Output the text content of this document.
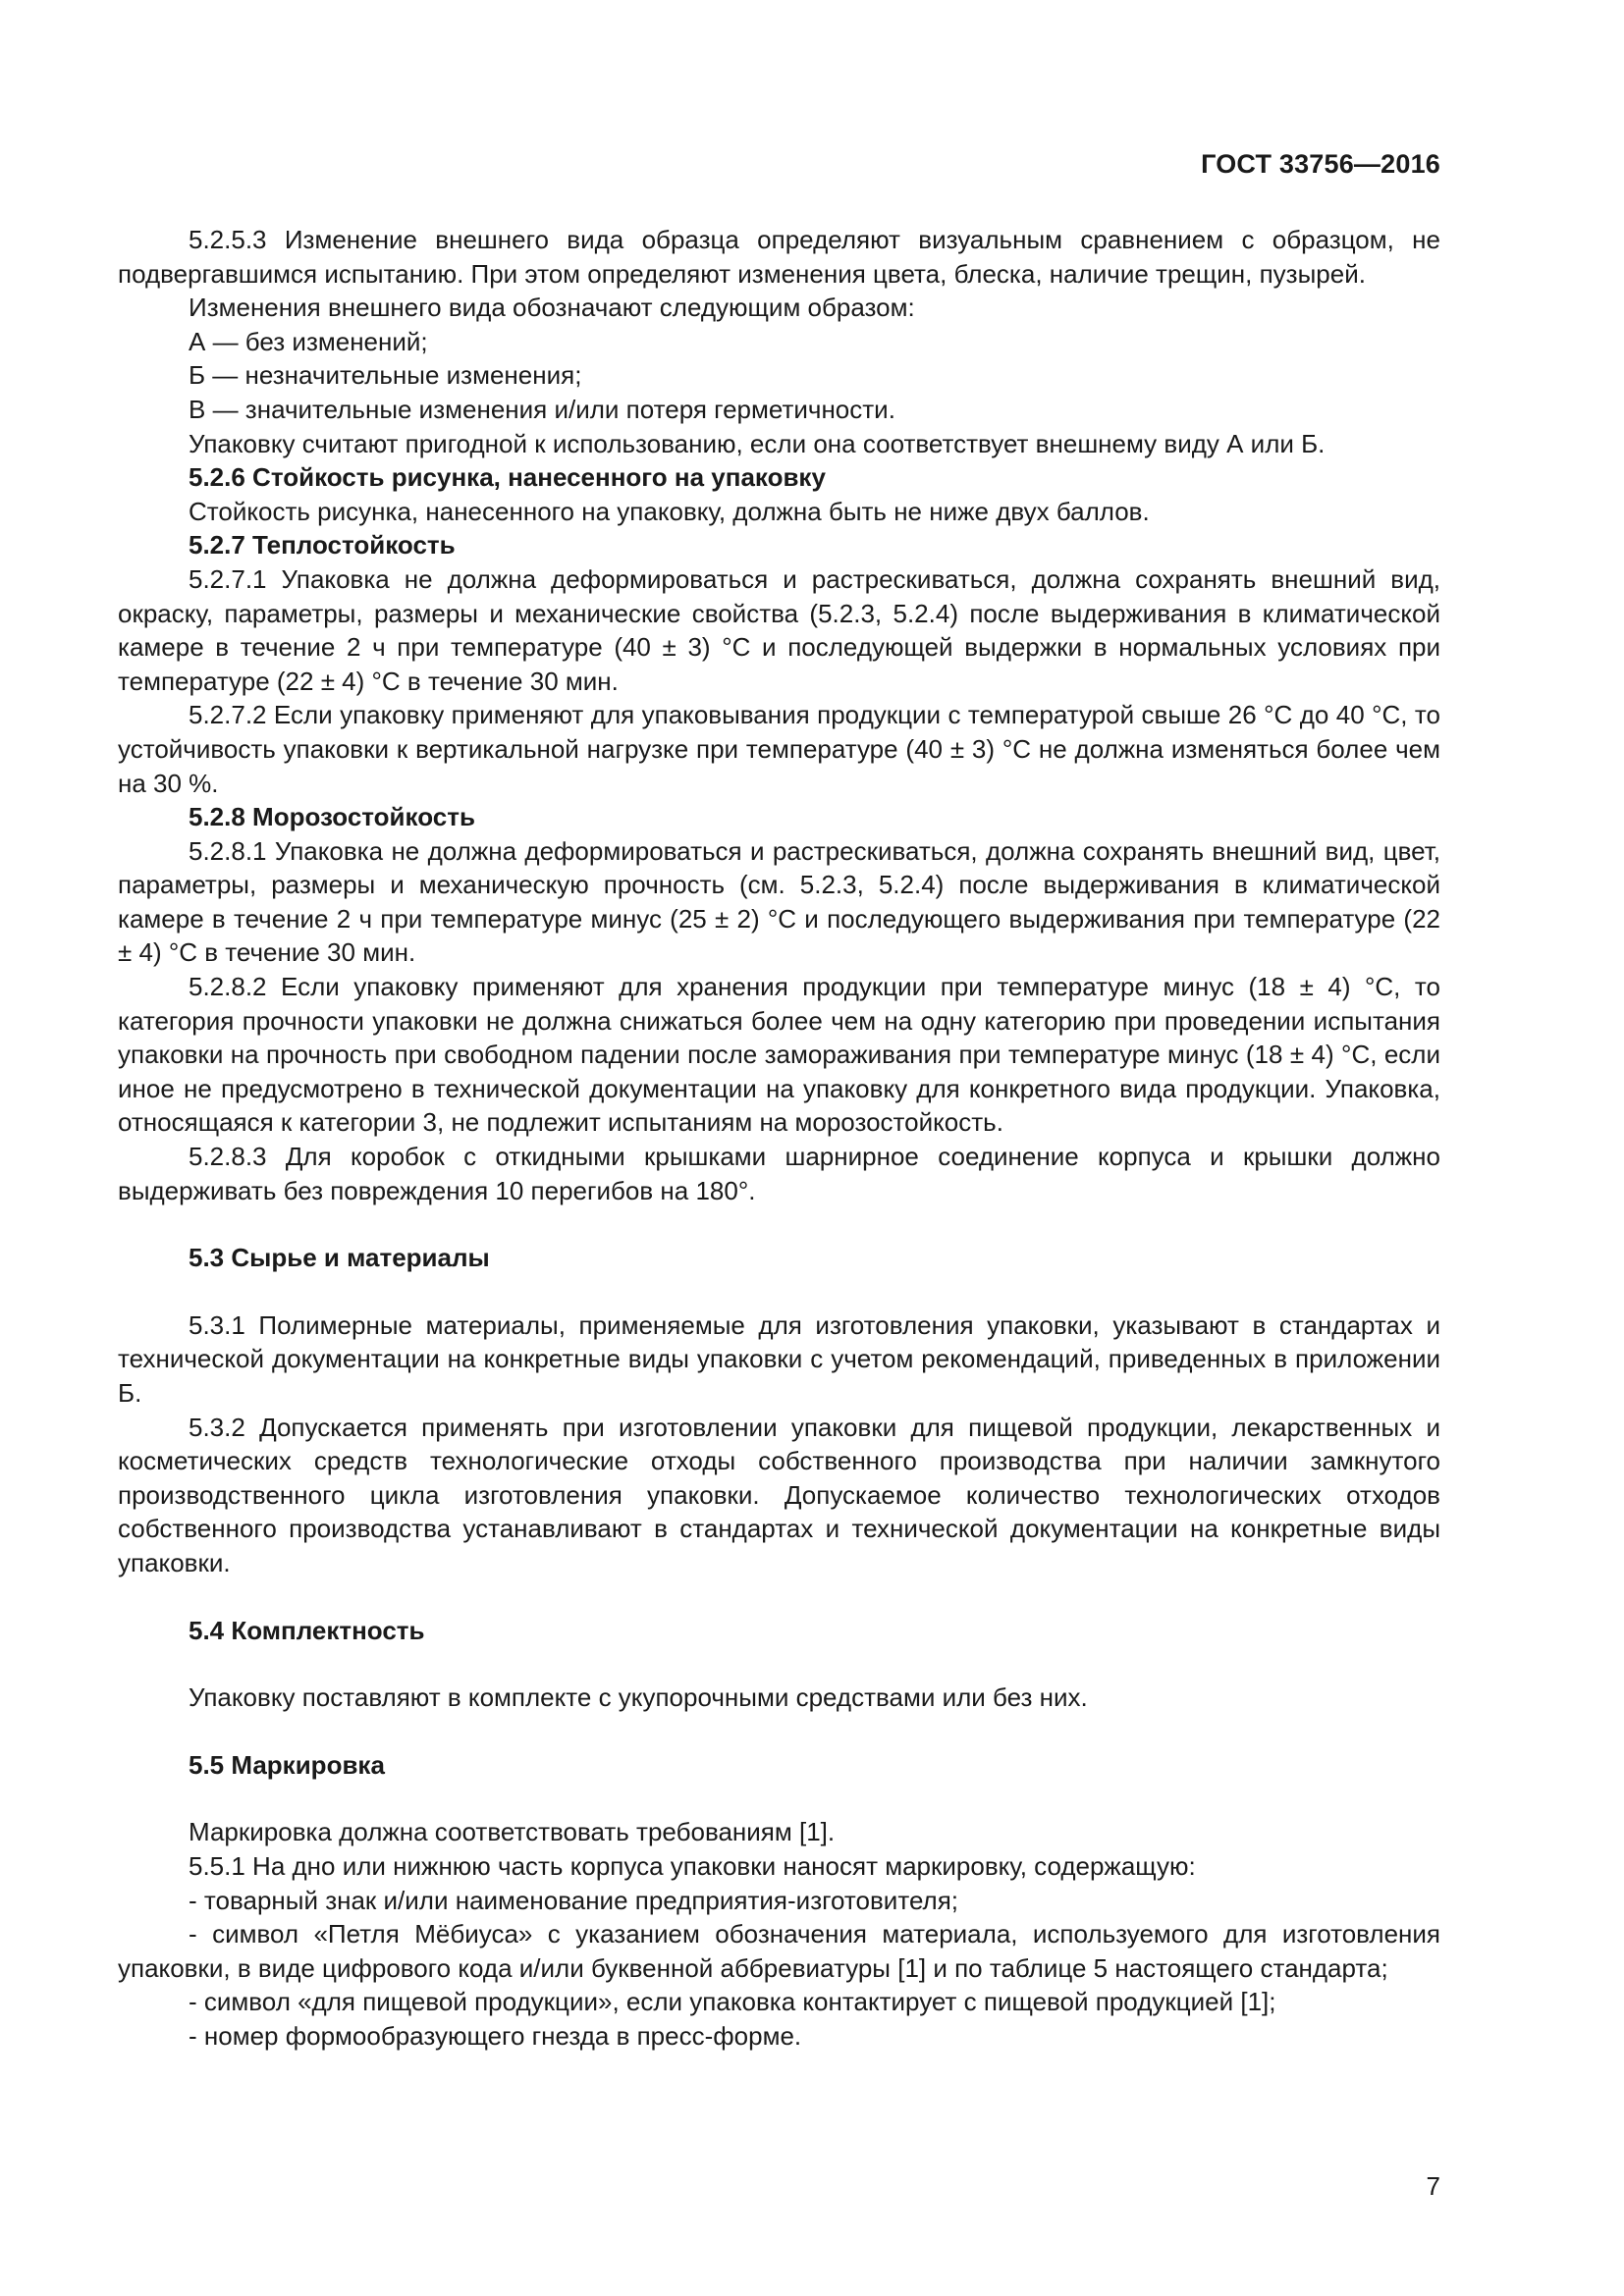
ГОСТ 33756—2016

5.2.5.3 Изменение внешнего вида образца определяют визуальным сравнением с образцом, не подвергавшимся испытанию. При этом определяют изменения цвета, блеска, наличие трещин, пузырей.

Изменения внешнего вида обозначают следующим образом:

А — без изменений;

Б — незначительные изменения;

В — значительные изменения и/или потеря герметичности.

Упаковку считают пригодной к использованию, если она соответствует внешнему виду А или Б.

5.2.6 Стойкость рисунка, нанесенного на упаковку

Стойкость рисунка, нанесенного на упаковку, должна быть не ниже двух баллов.

5.2.7 Теплостойкость

5.2.7.1 Упаковка не должна деформироваться и растрескиваться, должна сохранять внешний вид, окраску, параметры, размеры и механические свойства (5.2.3, 5.2.4) после выдерживания в климатической камере в течение 2 ч при температуре (40 ± 3) °С и последующей выдержки в нормальных условиях при температуре (22 ± 4) °С в течение 30 мин.

5.2.7.2 Если упаковку применяют для упаковывания продукции с температурой свыше 26 °С до 40 °С, то устойчивость упаковки к вертикальной нагрузке при температуре (40 ± 3) °С не должна изменяться более чем на 30 %.

5.2.8 Морозостойкость

5.2.8.1 Упаковка не должна деформироваться и растрескиваться, должна сохранять внешний вид, цвет, параметры, размеры и механическую прочность (см. 5.2.3, 5.2.4) после выдерживания в климатической камере в течение 2 ч при температуре минус (25 ± 2) °С и последующего выдерживания при температуре (22 ± 4) °С в течение 30 мин.

5.2.8.2 Если упаковку применяют для хранения продукции при температуре минус (18 ± 4) °С, то категория прочности упаковки не должна снижаться более чем на одну категорию при проведении испытания упаковки на прочность при свободном падении после замораживания при температуре минус (18 ± 4) °С, если иное не предусмотрено в технической документации на упаковку для конкретного вида продукции. Упаковка, относящаяся к категории 3, не подлежит испытаниям на морозостойкость.

5.2.8.3 Для коробок с откидными крышками шарнирное соединение корпуса и крышки должно выдерживать без повреждения 10 перегибов на 180°.

5.3 Сырье и материалы

5.3.1 Полимерные материалы, применяемые для изготовления упаковки, указывают в стандартах и технической документации на конкретные виды упаковки с учетом рекомендаций, приведенных в приложении Б.

5.3.2 Допускается применять при изготовлении упаковки для пищевой продукции, лекарственных и косметических средств технологические отходы собственного производства при наличии замкнутого производственного цикла изготовления упаковки. Допускаемое количество технологических отходов собственного производства устанавливают в стандартах и технической документации на конкретные виды упаковки.

5.4 Комплектность

Упаковку поставляют в комплекте с укупорочными средствами или без них.

5.5 Маркировка

Маркировка должна соответствовать требованиям [1].

5.5.1 На дно или нижнюю часть корпуса упаковки наносят маркировку, содержащую:

- товарный знак и/или наименование предприятия-изготовителя;

- символ «Петля Мёбиуса» с указанием обозначения материала, используемого для изготовления упаковки, в виде цифрового кода и/или буквенной аббревиатуры [1] и по таблице 5 настоящего стандарта;

- символ «для пищевой продукции», если упаковка контактирует с пищевой продукцией [1];

- номер формообразующего гнезда в пресс-форме.

7
